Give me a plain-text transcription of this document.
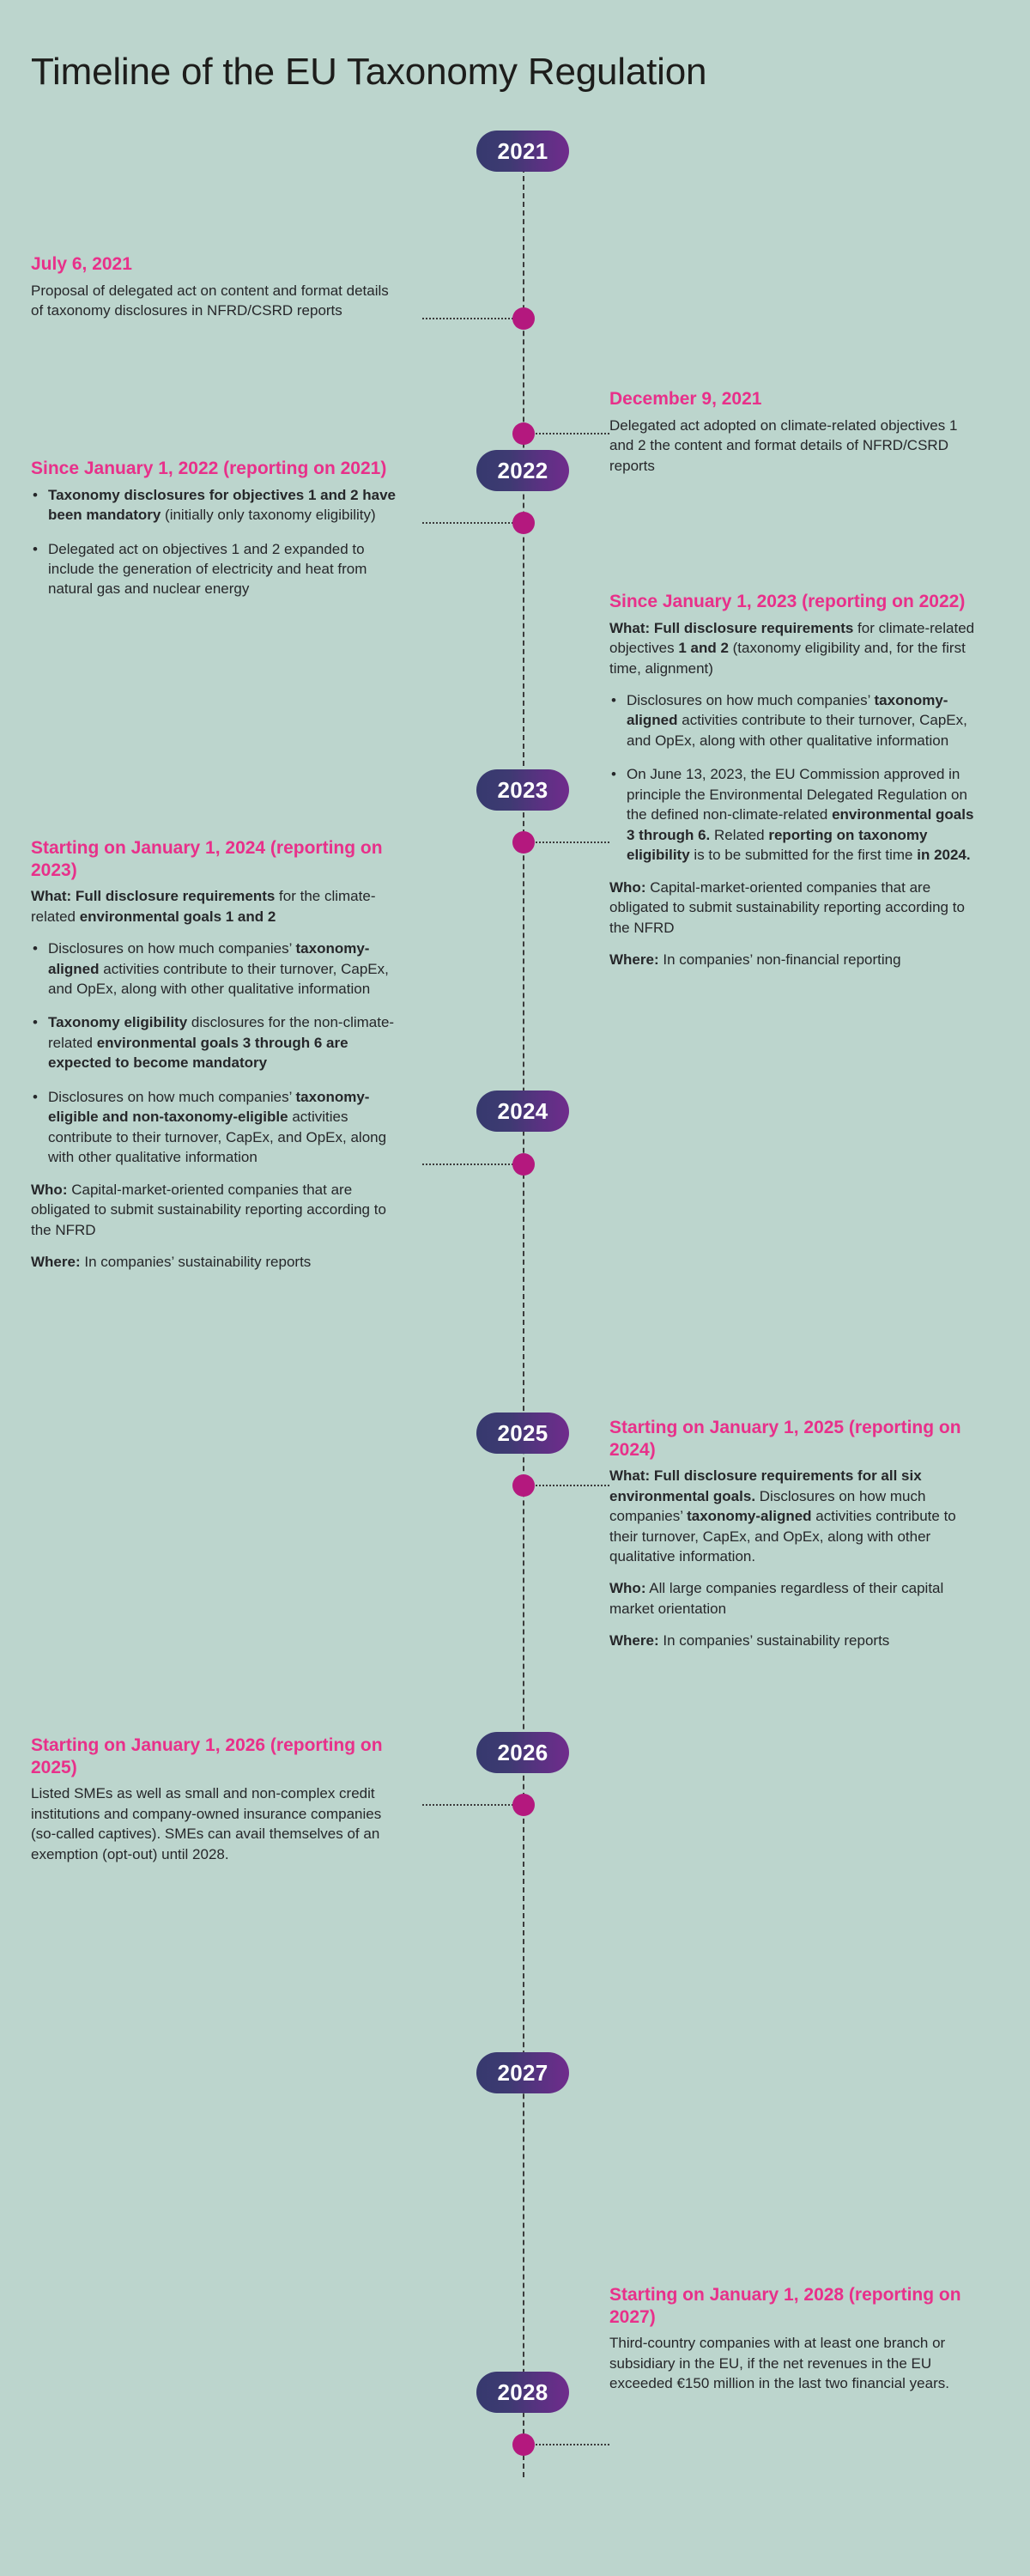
Timeline of the EU Taxonomy Regulation
2021
2022
2023
2024
2025
2026
2027
2028
July 6, 2021

Proposal of delegated act on content and format details of taxonomy disclosures in NFRD/CSRD reports

December 9, 2021

Delegated act adopted on climate-related objectives 1 and 2 the content and format details of NFRD/CSRD reports

Since January 1, 2022 (reporting on 2021)
• Taxonomy disclosures for objectives 1 and 2 have been mandatory (initially only taxonomy eligibility)
• Delegated act on objectives 1 and 2 expanded to include the generation of electricity and heat from natural gas and nuclear energy
Since January 1, 2023 (reporting on 2022)

What: Full disclosure requirements for climate-related objectives 1 and 2 (taxonomy eligibility and, for the first time, alignment)

• Disclosures on how much companies’ taxonomy-aligned activities contribute to their turnover, CapEx, and OpEx, along with other qualitative information
• On June 13, 2023, the EU Commission approved in principle the Environmental Delegated Regulation on the defined non-climate-related environmental goals 3 through 6. Related reporting on taxonomy eligibility is to be submitted for the first time in 2024.

Who: Capital-market-oriented companies that are obligated to submit sustainability reporting according to the NFRD

Where: In companies’ non-financial reporting

Starting on January 1, 2024 (reporting on 2023)

What: Full disclosure requirements for the climate-related environmental goals 1 and 2

• Disclosures on how much companies’ taxonomy-aligned activities contribute to their turnover, CapEx, and OpEx, along with other qualitative information
• Taxonomy eligibility disclosures for the non-climate-related environmental goals 3 through 6 are expected to become mandatory
• Disclosures on how much companies’ taxonomy-eligible and non-taxonomy-eligible activities contribute to their turnover, CapEx, and OpEx, along with other qualitative information

Who: Capital-market-oriented companies that are obligated to submit sustainability reporting according to the NFRD

Where: In companies’ sustainability reports

Starting on January 1, 2025 (reporting on 2024)

What: Full disclosure requirements for all six environmental goals. Disclosures on how much companies’ taxonomy-aligned activities contribute to their turnover, CapEx, and OpEx, along with other qualitative information.

Who: All large companies regardless of their capital market orientation

Where: In companies’ sustainability reports

Starting on January 1, 2026 (reporting on 2025)

Listed SMEs as well as small and non-complex credit institutions and company-owned insurance companies (so-called captives). SMEs can avail themselves of an exemption (opt-out) until 2028.

Starting on January 1, 2028 (reporting on 2027)

Third-country companies with at least one branch or subsidiary in the EU, if the net revenues in the EU exceeded €150 million in the last two financial years.
